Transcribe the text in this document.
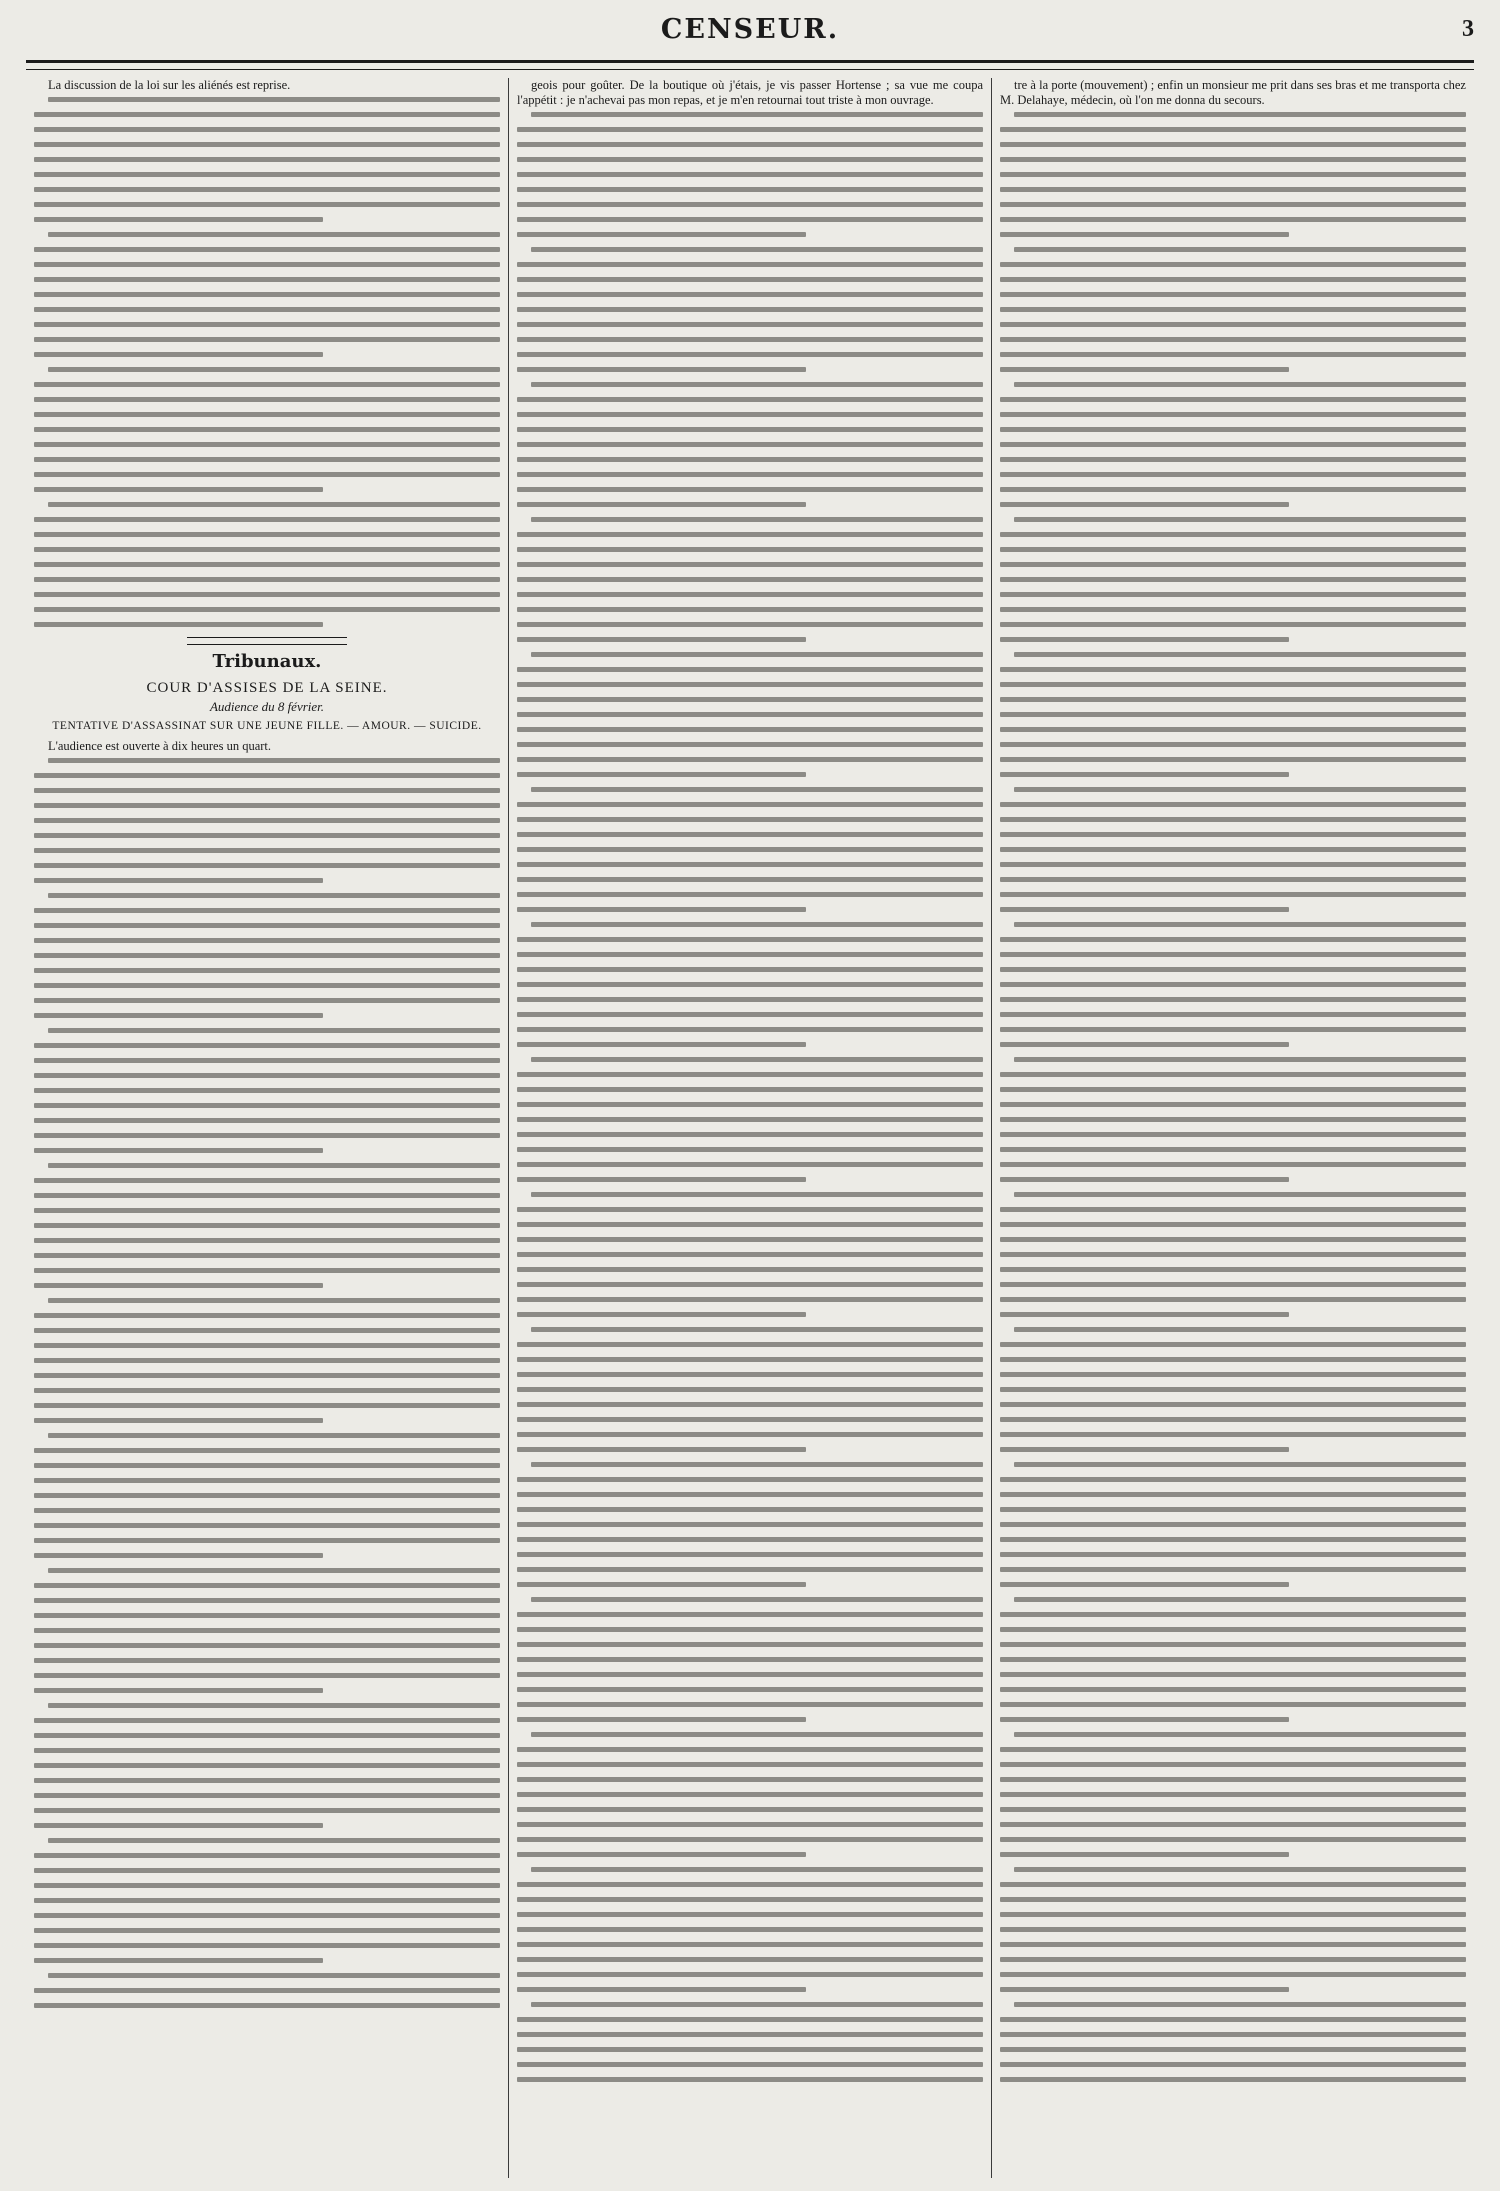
CENSEUR.	3

La discussion de la loi sur les aliénés est reprise.

Tribunaux.
COUR D'ASSISES DE LA SEINE.
Audience du 8 février.
TENTATIVE D'ASSASSINAT SUR UNE JEUNE FILLE. — AMOUR. — SUICIDE.

L'audience est ouverte à dix heures un quart.

geois pour goûter. De la boutique où j'étais, je vis passer Hortense ; sa vue me coupa l'appétit : je n'achevai pas mon repas, et je m'en retournai tout triste à mon ouvrage.

tre à la porte (mouvement) ; enfin un monsieur me prit dans ses bras et me transporta chez M. Delahaye, médecin, où l'on me donna du secours.
